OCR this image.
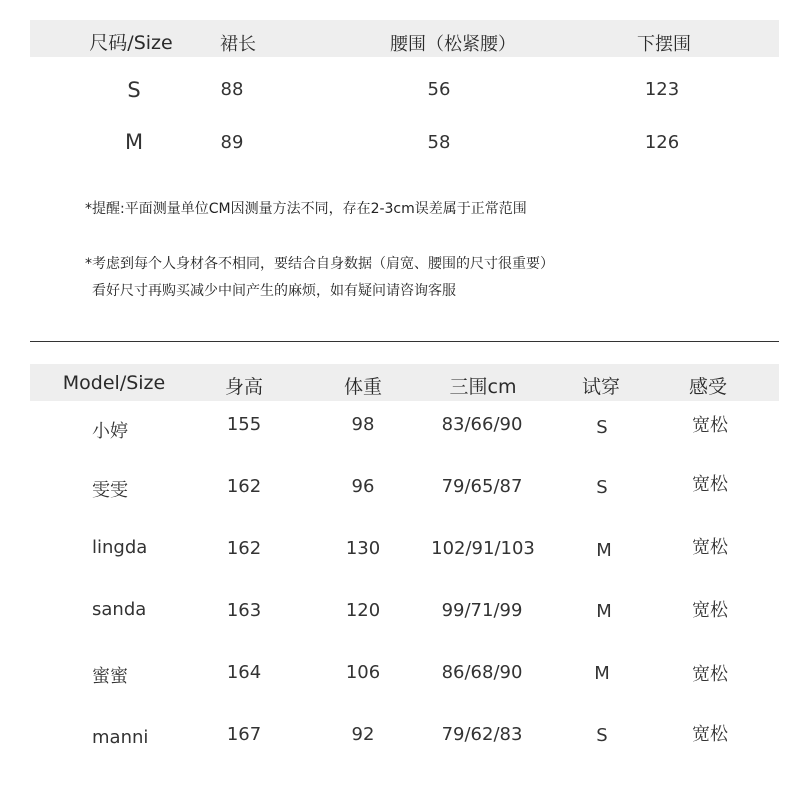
尺码/Size	裙长	腰围（松紧腰）	下摆围
S	88	56	123
M	89	58	126
*提醒:平面测量单位CM因测量方法不同，存在2-3cm误差属于正常范围
*考虑到每个人身材各不相同，要结合自身数据（肩宽、腰围的尺寸很重要）
看好尺寸再购买减少中间产生的麻烦，如有疑问请咨询客服
Model/Size	身高	体重	三围cm	试穿	感受
小婷	155	98	83/66/90	S	宽松
雯雯	162	96	79/65/87	S	宽松
lingda	162	130	102/91/103	M	宽松
sanda	163	120	99/71/99	M	宽松
蜜蜜	164	106	86/68/90	M	宽松
manni	167	92	79/62/83	S	宽松
